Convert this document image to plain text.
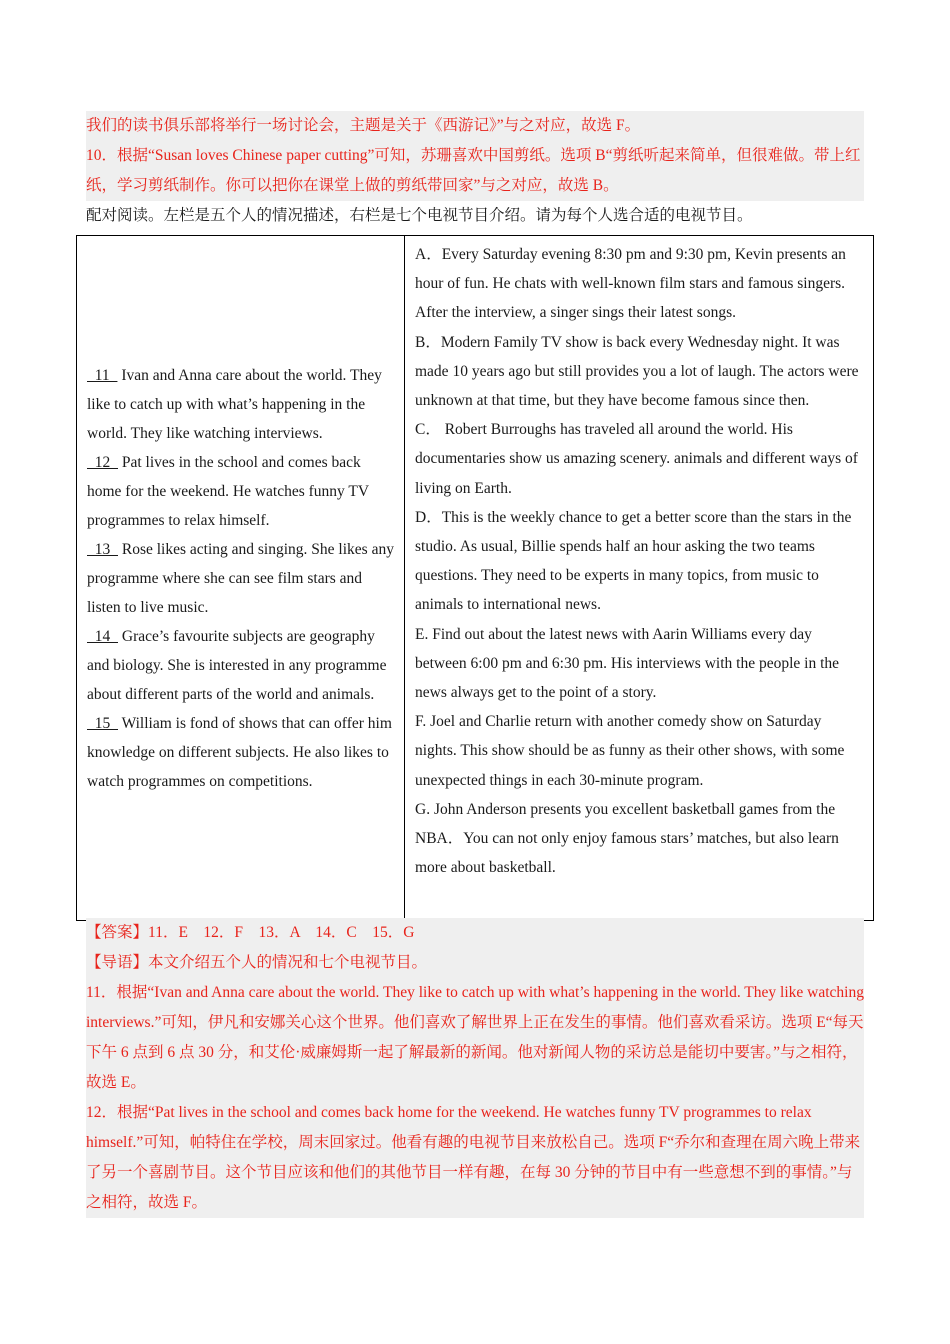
我们的读书俱乐部将举行一场讨论会，主题是关于《西游记》”与之对应，故选 F。
10．根据“Susan loves Chinese paper cutting”可知，苏珊喜欢中国剪纸。选项 B“剪纸听起来简单，但很难做。带上红纸，学习剪纸制作。你可以把你在课堂上做的剪纸带回家”与之对应，故选 B。
配对阅读。左栏是五个人的情况描述，右栏是七个电视节目介绍。请为每个人选合适的电视节目。
11   Ivan and Anna care about the world. They like to catch up with what’s happening in the world. They like watching interviews.
12   Pat lives in the school and comes back home for the weekend. He watches funny TV programmes to relax himself.
13   Rose likes acting and singing. She likes any programme where she can see film stars and listen to live music.
14   Grace’s favourite subjects are geography and biology. She is interested in any programme about different parts of the world and animals.
15   William is fond of shows that can offer him knowledge on different subjects. He also likes to watch programmes on competitions.
A．Every Saturday evening 8:30 pm and 9:30 pm, Kevin presents an hour of fun. He chats with well-known film stars and famous singers. After the interview, a singer sings their latest songs.
B．Modern Family TV show is back every Wednesday night. It was made 10 years ago but still provides you a lot of laugh. The actors were unknown at that time, but they have become famous since then.
C． Robert Burroughs has traveled all around the world. His documentaries show us amazing scenery. animals and different ways of living on Earth.
D．This is the weekly chance to get a better score than the stars in the studio. As usual, Billie spends half an hour asking the two teams questions. They need to be experts in many topics, from music to animals to international news.
E. Find out about the latest news with Aarin Williams every day between 6:00 pm and 6:30 pm. His interviews with the people in the news always get to the point of a story.
F. Joel and Charlie return with another comedy show on Saturday nights. This show should be as funny as their other shows, with some unexpected things in each 30-minute program.
G. John Anderson presents you excellent basketball games from the NBA．You can not only enjoy famous stars’ matches, but also learn more about basketball.
【答案】11．E　12．F　13．A　14．C　15．G
【导语】本文介绍五个人的情况和七个电视节目。
11．根据“Ivan and Anna care about the world. They like to catch up with what’s happening in the world. They like watching interviews.”可知，伊凡和安娜关心这个世界。他们喜欢了解世界上正在发生的事情。他们喜欢看采访。选项 E“每天下午 6 点到 6 点 30 分，和艾伦·威廉姆斯一起了解最新的新闻。他对新闻人物的采访总是能切中要害。”与之相符，故选 E。
12．根据“Pat lives in the school and comes back home for the weekend. He watches funny TV programmes to relax himself.”可知，帕特住在学校，周末回家过。他看有趣的电视节目来放松自己。选项 F“乔尔和查理在周六晚上带来了另一个喜剧节目。这个节目应该和他们的其他节目一样有趣，在每 30 分钟的节目中有一些意想不到的事情。”与之相符，故选 F。
